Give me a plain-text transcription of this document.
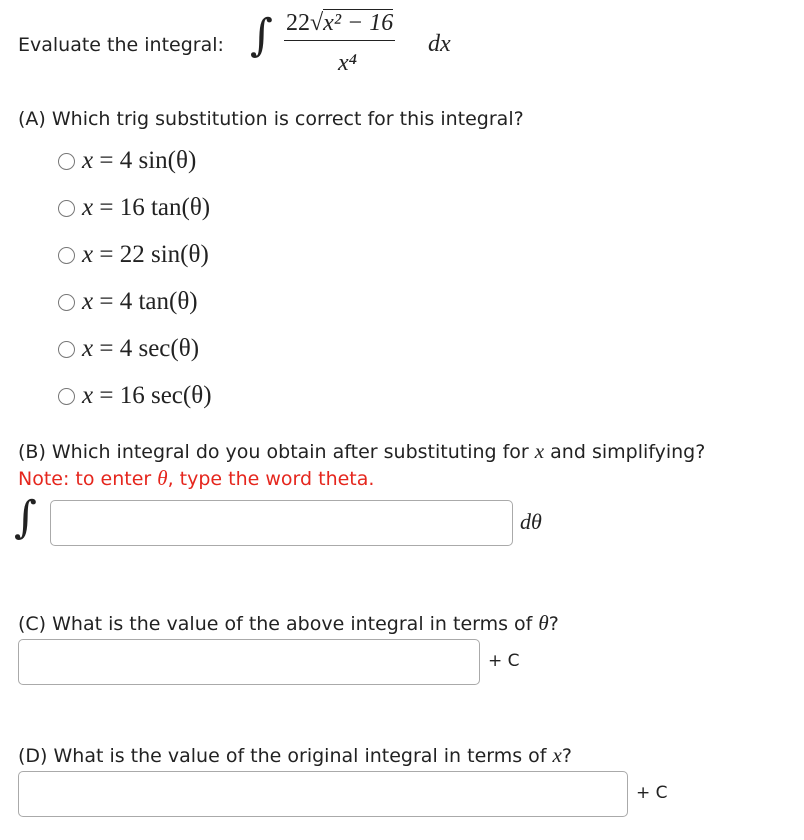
Evaluate the integral: ∫ 22√x² − 16
x⁴
dx
(A) Which trig substitution is correct for this integral?
x = 4 sin(θ)
x = 16 tan(θ)
x = 22 sin(θ)
x = 4 tan(θ)
x = 4 sec(θ)
x = 16 sec(θ)
(B) Which integral do you obtain after substituting for x and simplifying?
Note: to enter θ, type the word theta.
∫	dθ
(C) What is the value of the above integral in terms of θ?
+ C
(D) What is the value of the original integral in terms of x?
+ C
